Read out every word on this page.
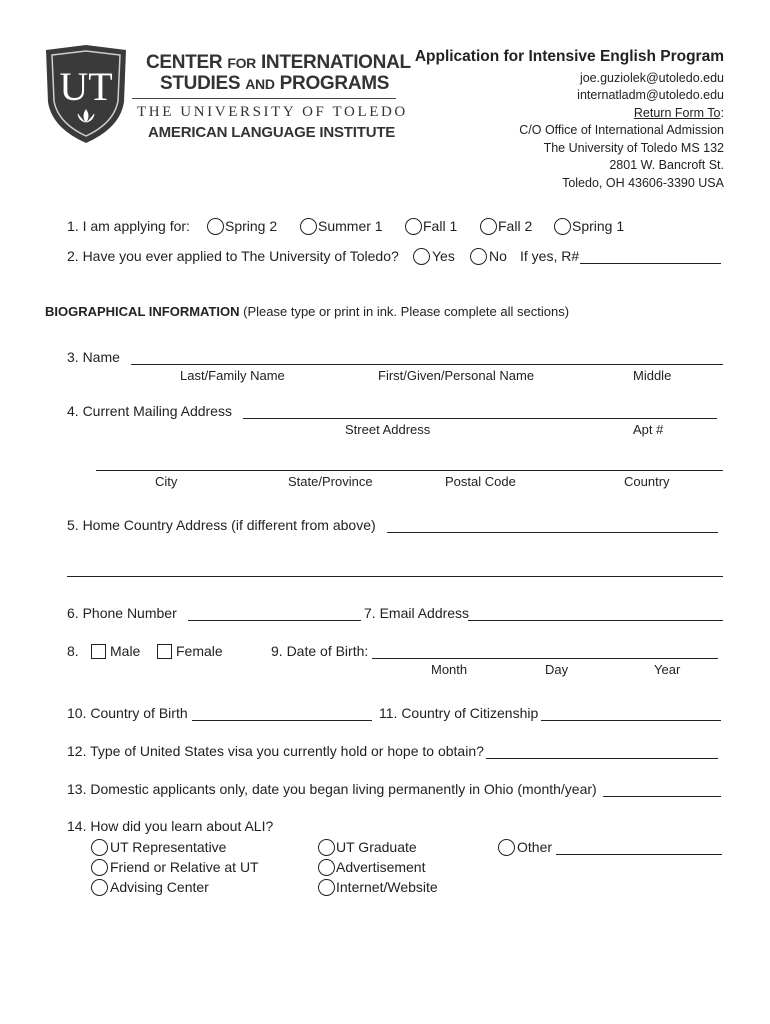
UT
CENTER FOR INTERNATIONAL
STUDIES AND PROGRAMS
THE UNIVERSITY OF TOLEDO
AMERICAN LANGUAGE INSTITUTE
Application for Intensive English Program
joe.guziolek@utoledo.edu
internatladm@utoledo.edu
Return Form To:
C/O Office of International Admission
The University of Toledo MS 132
2801 W. Bancroft St.
Toledo, OH 43606-3390 USA
1. I am applying for:	Spring 2	Summer 1	Fall 1	Fall 2	Spring 1
2. Have you ever applied to The University of Toledo? Yes No If yes, R#
BIOGRAPHICAL INFORMATION (Please type or print in ink. Please complete all sections)
3. Name
Last/Family Name	First/Given/Personal Name	Middle
4. Current Mailing Address
Street Address	Apt #
City	State/Province	Postal Code	Country
5. Home Country Address (if different from above)
6. Phone Number	7. Email Address
8. Male	Female	9. Date of Birth:
Month	Day	Year
10. Country of Birth	11. Country of Citizenship
12. Type of United States visa you currently hold or hope to obtain?
13. Domestic applicants only, date you began living permanently in Ohio (month/year)
14. How did you learn about ALI?
UT Representative
Friend or Relative at UT
Advising Center
UT Graduate
Advertisement
Internet/Website
Other
